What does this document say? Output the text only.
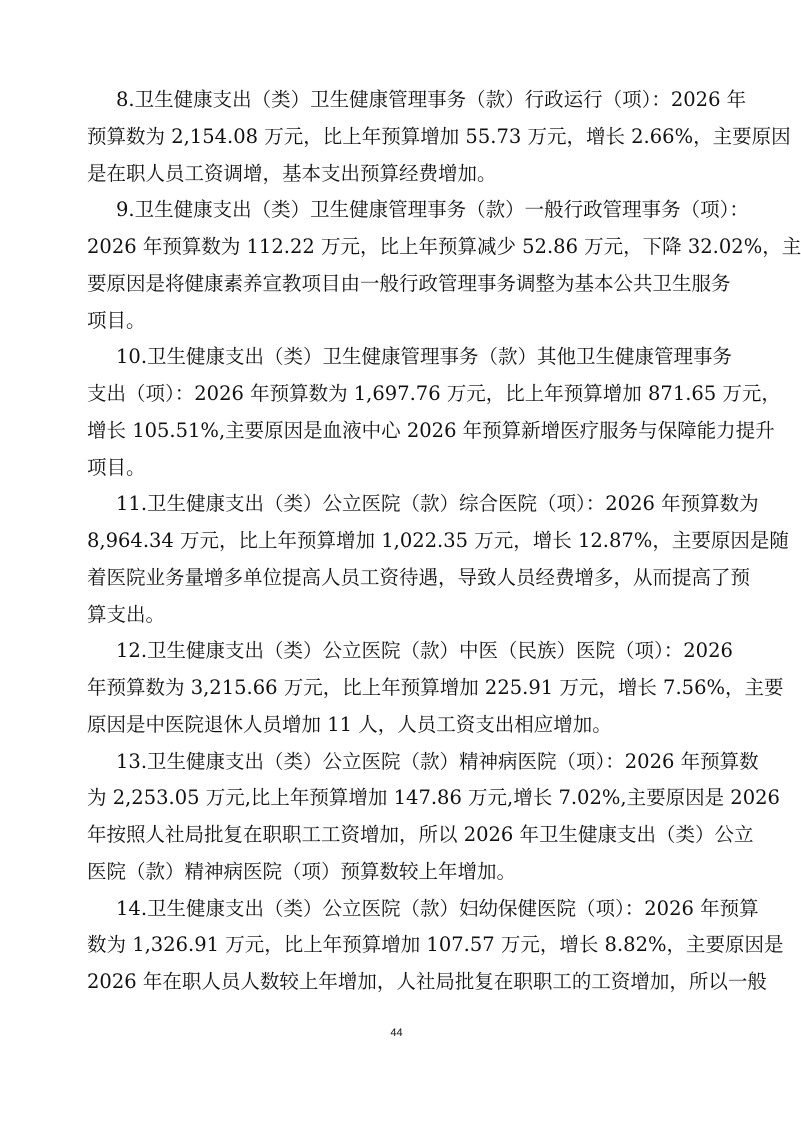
8.卫生健康支出（类）卫生健康管理事务（款）行政运行（项）：2026 年
预算数为 2,154.08 万元，比上年预算增加 55.73 万元，增长 2.66%，主要原因
是在职人员工资调增，基本支出预算经费增加。
9.卫生健康支出（类）卫生健康管理事务（款）一般行政管理事务（项）：
2026 年预算数为 112.22 万元，比上年预算减少 52.86 万元，下降 32.02%，主
要原因是将健康素养宣教项目由一般行政管理事务调整为基本公共卫生服务
项目。
10.卫生健康支出（类）卫生健康管理事务（款）其他卫生健康管理事务
支出（项）：2026 年预算数为 1,697.76 万元，比上年预算增加 871.65 万元，
增长 105.51%,主要原因是血液中心 2026 年预算新增医疗服务与保障能力提升
项目。
11.卫生健康支出（类）公立医院（款）综合医院（项）：2026 年预算数为
8,964.34 万元，比上年预算增加 1,022.35 万元，增长 12.87%，主要原因是随
着医院业务量增多单位提高人员工资待遇，导致人员经费增多，从而提高了预
算支出。
12.卫生健康支出（类）公立医院（款）中医（民族）医院（项）：2026
年预算数为 3,215.66 万元，比上年预算增加 225.91 万元，增长 7.56%，主要
原因是中医院退休人员增加 11 人，人员工资支出相应增加。
13.卫生健康支出（类）公立医院（款）精神病医院（项）：2026 年预算数
为 2,253.05 万元,比上年预算增加 147.86 万元,增长 7.02%,主要原因是 2026
年按照人社局批复在职职工工资增加，所以 2026 年卫生健康支出（类）公立
医院（款）精神病医院（项）预算数较上年增加。
14.卫生健康支出（类）公立医院（款）妇幼保健医院（项）：2026 年预算
数为 1,326.91 万元，比上年预算增加 107.57 万元，增长 8.82%，主要原因是
2026 年在职人员人数较上年增加，人社局批复在职职工的工资增加，所以一般
44
